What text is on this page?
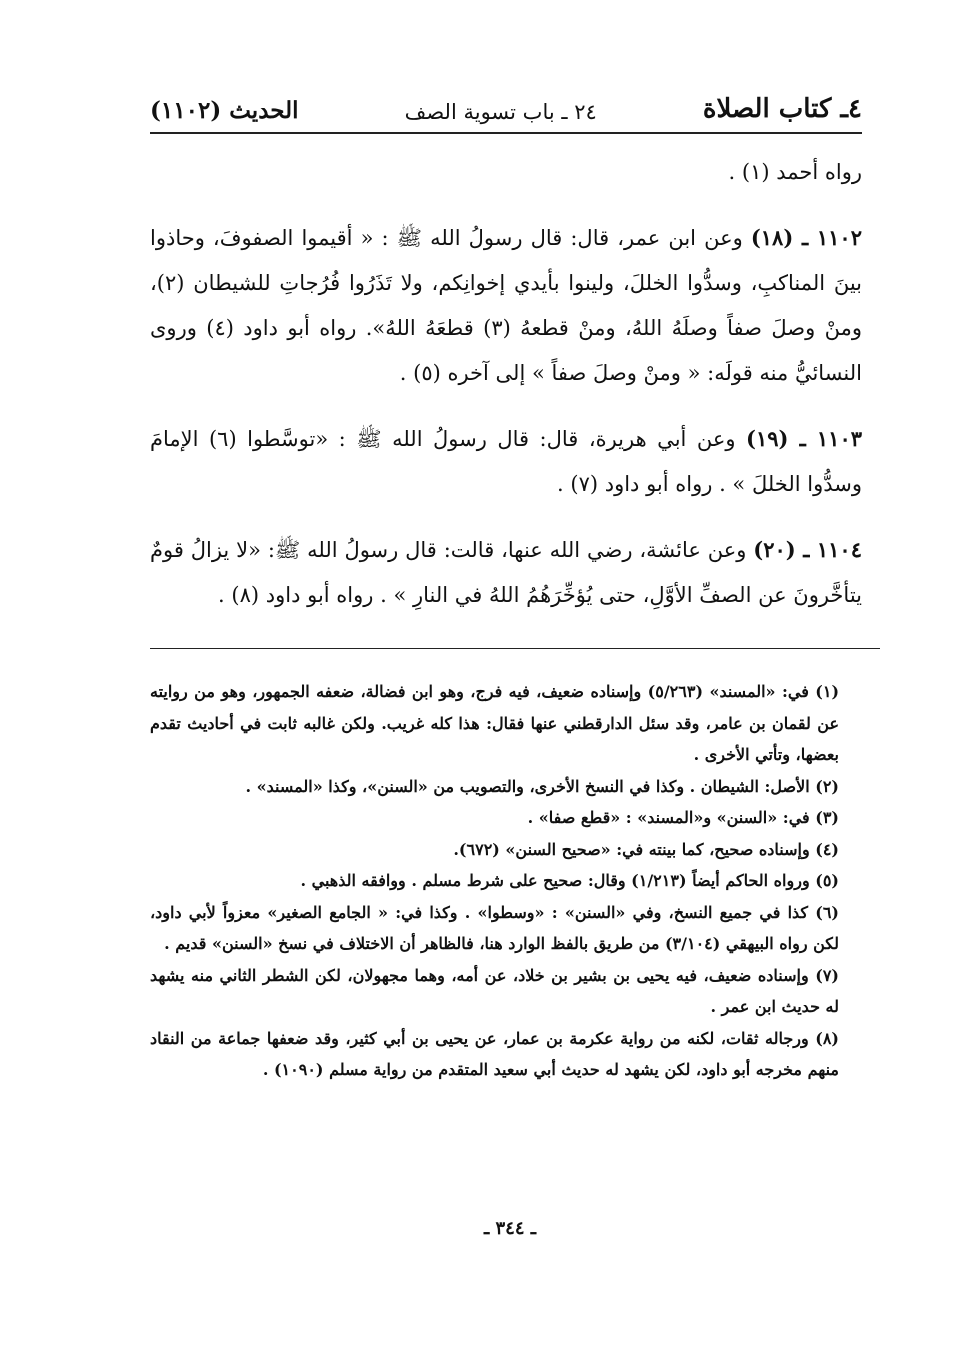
٤ـ كتاب الصلاة
٢٤ ـ باب تسوية الصف
الحديث (١١٠٢)

رواه أحمد (١) .

١١٠٢ ـ (١٨) وعن ابن عمر، قال: قال رسولُ الله ﷺ : « أقيموا الصفوفَ، وحاذوا بينَ المناكبِ، وسدُّوا الخللَ، ولينوا بأيدي إخوانِكم، ولا تَذَرُوا فُرُجاتِ للشيطان (٢)، ومنْ وصلَ صفاً وصلَهُ اللهُ، ومنْ قطعهُ (٣) قطعَهُ اللهُ». رواه أبو داود (٤) وروى النسائيُّ منه قولَه: « ومنْ وصلَ صفاً » إلى آخره (٥) .

١١٠٣ ـ (١٩) وعن أبي هريرة، قال: قال رسولُ الله ﷺ : «توسَّطوا (٦) الإمامَ وسدُّوا الخللَ » . رواه أبو داود (٧) .

١١٠٤ ـ (٢٠) وعن عائشة، رضي الله عنها، قالت: قال رسولُ الله ﷺ: «لا يزالُ قومٌ يتأخَّرونَ عن الصفِّ الأوَّلِ، حتى يُؤخِّرَهُمُ اللهُ في النارِ » . رواه أبو داود (٨) .

(١) في: «المسند» (٥/٢٦٣) وإسناده ضعيف، فيه فرج، وهو ابن فضالة، ضعفه الجمهور، وهو من روايته عن لقمان بن عامر، وقد سئل الدارقطني عنها فقال: هذا كله غريب. ولكن غالبه ثابت في أحاديث تقدم بعضها، وتأتي الأخرى .

(٢) الأصل: الشيطان . وكذا في النسخ الأخرى، والتصويب من «السنن»، وكذا «المسند» .

(٣) في: «السنن» و«المسند» : «قطع صفا» .

(٤) وإسناده صحيح، كما بينته في: «صحيح السنن» (٦٧٢).

(٥) ورواه الحاكم أيضاً (١/٢١٣) وقال: صحيح على شرط مسلم . ووافقه الذهبي .

(٦) كذا في جميع النسخ، وفي «السنن» : «وسطوا» . وكذا في: « الجامع الصغير» معزواً لأبي داود، لكن رواه البيهقي (٣/١٠٤) من طريق بالفظ الوارد هنا، فالظاهر أن الاختلاف في نسخ «السنن» قديم .

(٧) وإسناده ضعيف، فيه يحيى بن بشير بن خلاد، عن أمه، وهما مجهولان، لكن الشطر الثاني منه يشهد له حديث ابن عمر .

(٨) ورجاله ثقات، لكنه من رواية عكرمة بن عمار، عن يحيى بن أبي كثير، وقد ضعفها جماعة من النقاد منهم مخرجه أبو داود، لكن يشهد له حديث أبي سعيد المتقدم من رواية مسلم (١٠٩٠) .

ـ ٣٤٤ ـ
